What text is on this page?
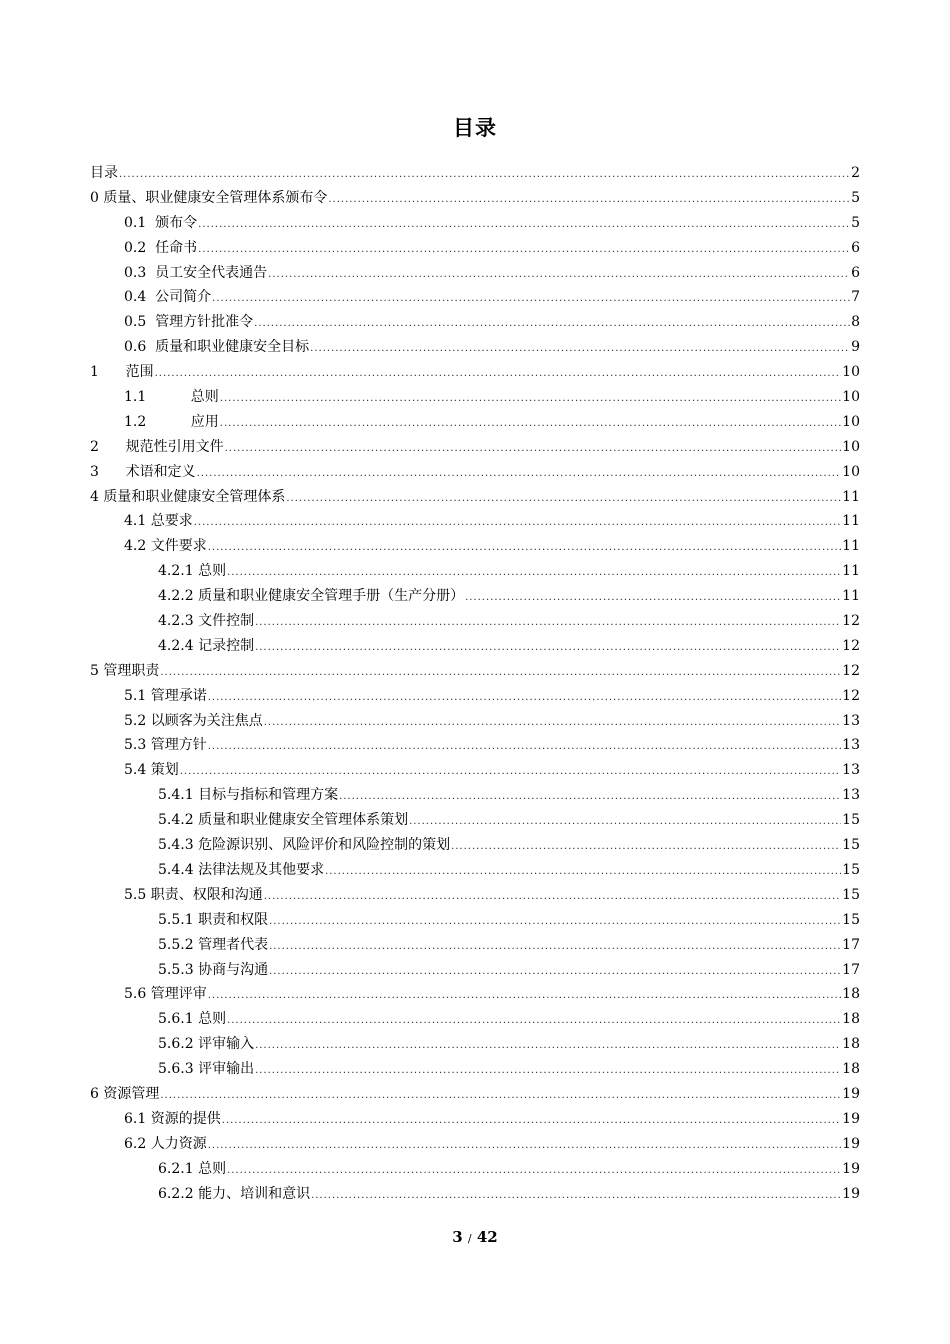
目录
目录 .....	2
0 质量、职业健康安全管理体系颁布令 .....	5
0.1  颁布令 .....	5
0.2  任命书 .....	6
0.3  员工安全代表通告 .....	6
0.4  公司简介 .....	7
0.5  管理方针批准令 .....	8
0.6  质量和职业健康安全目标 .....	9
1      范围 .....	10
1.1          总则 .....	10
1.2          应用 .....	10
2      规范性引用文件 .....	10
3      术语和定义 .....	10
4 质量和职业健康安全管理体系 .....	11
4.1 总要求 .....	11
4.2 文件要求 .....	11
4.2.1 总则 .....	11
4.2.2 质量和职业健康安全管理手册（生产分册） .....	11
4.2.3 文件控制 .....	12
4.2.4 记录控制 .....	12
5 管理职责 .....	12
5.1 管理承诺 .....	12
5.2 以顾客为关注焦点 .....	13
5.3 管理方针 .....	13
5.4 策划 .....	13
5.4.1 目标与指标和管理方案 .....	13
5.4.2 质量和职业健康安全管理体系策划 .....	15
5.4.3 危险源识别、风险评价和风险控制的策划 .....	15
5.4.4 法律法规及其他要求 .....	15
5.5 职责、权限和沟通 .....	15
5.5.1 职责和权限 .....	15
5.5.2 管理者代表 .....	17
5.5.3 协商与沟通 .....	17
5.6 管理评审 .....	18
5.6.1 总则 .....	18
5.6.2 评审输入 .....	18
5.6.3 评审输出 .....	18
6 资源管理 .....	19
6.1 资源的提供 .....	19
6.2 人力资源 .....	19
6.2.1 总则 .....	19
6.2.2 能力、培训和意识 .....	19
3 / 42
